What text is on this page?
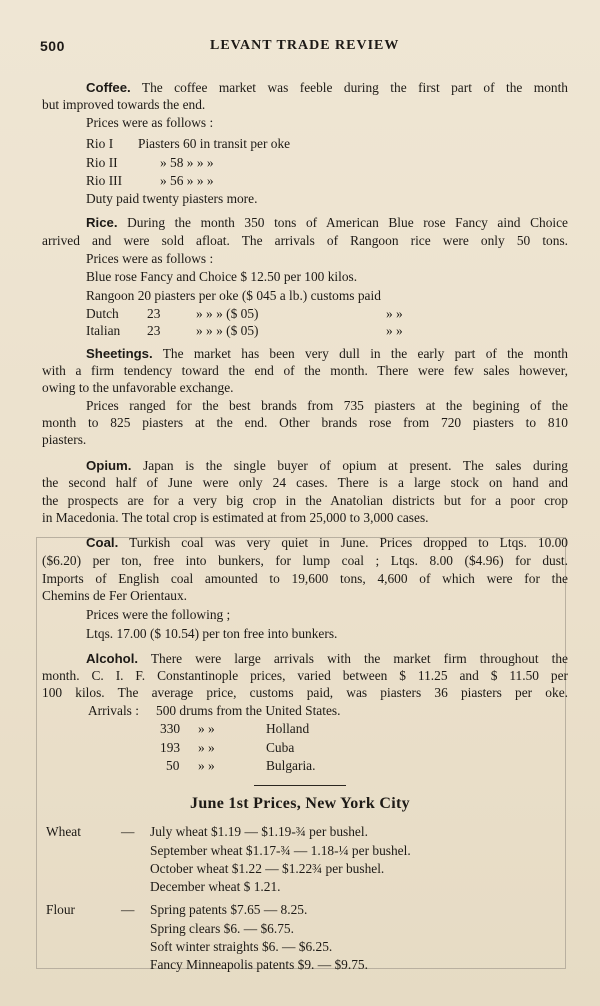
500	LEVANT TRADE REVIEW
Coffee. The coffee market was feeble during the first part of the month
but improved towards the end.
Prices were as follows :
Rio I Piasters 60 in transit per oke
Rio II	» 58 » » »
Rio III	» 56 » » »
Duty paid twenty piasters more.
Rice. During the month 350 tons of American Blue rose Fancy aind Choice
arrived and were sold afloat. The arrivals of Rangoon rice were only 50 tons.
Prices were as follows :
Blue rose Fancy and Choice $ 12.50 per 100 kilos.
Rangoon 20 piasters per oke ($ 045 a lb.) customs paid
Dutch 23	» » » ($ 05)	» »
Italian 23	» » » ($ 05)	» »
Sheetings. The market has been very dull in the early part of the month
with a firm tendency toward the end of the month. There were few sales however,
owing to the unfavorable exchange.
Prices ranged for the best brands from 735 piasters at the begining of the
month to 825 piasters at the end. Other brands rose from 720 piasters to 810
piasters.
Opium. Japan is the single buyer of opium at present. The sales during
the second half of June were only 24 cases. There is a large stock on hand and
the prospects are for a very big crop in the Anatolian districts but for a poor crop
in Macedonia. The total crop is estimated at from 25,000 to 3,000 cases.
Coal. Turkish coal was very quiet in June. Prices dropped to Ltqs. 10.00
($6.20) per ton, free into bunkers, for lump coal ; Ltqs. 8.00 ($4.96) for dust.
Imports of English coal amounted to 19,600 tons, 4,600 of which were for the
Chemins de Fer Orientaux.
Prices were the following ;
Ltqs. 17.00 ($ 10.54) per ton free into bunkers.
Alcohol. There were large arrivals with the market firm throughout the
month. C. I. F. Constantinople prices, varied between $ 11.25 and $ 11.50 per
100 kilos. The average price, customs paid, was piasters 36 piasters per oke.
Arrivals : 500 drums from the United States.
330 » »	Holland
193 » »	Cuba
50 » »	Bulgaria.
June 1st Prices, New York City
Wheat	— July wheat $1.19 — $1.19-¾ per bushel.
September wheat $1.17-¾ — 1.18-¼ per bushel.
October wheat $1.22 — $1.22¾ per bushel.
December wheat $ 1.21.
Flour	— Spring patents $7.65 — 8.25.
Spring clears $6. — $6.75.
Soft winter straights $6. — $6.25.
Fancy Minneapolis patents $9. — $9.75.
